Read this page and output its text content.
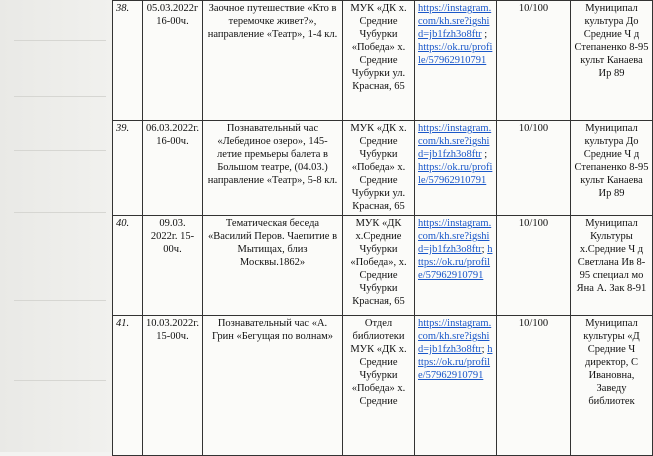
38.	05.03.2022г 16-00ч.	Заочное путешествие «Кто в теремочке живет?», направление «Театр», 1-4 кл.	МУК «ДК х. Средние Чубурки «Победа» х. Средние Чубурки ул. Красная, 65	https://instagram.com/kh.sre?igshid=jb1fzh3o8ftr ; https://ok.ru/profile/57962910791	10/100	Муниципал культура До Средние Ч д Степаненко 8-95 культ Канаева Ир 89
39.	06.03.2022г. 16-00ч.	Познавательный час «Лебединое озеро», 145-летие премьеры балета в Большом театре, (04.03.) направление «Театр», 5-8 кл.	МУК «ДК х. Средние Чубурки «Победа» х. Средние Чубурки ул. Красная, 65	https://instagram.com/kh.sre?igshid=jb1fzh3o8ftr ; https://ok.ru/profile/57962910791	10/100	Муниципал культура До Средние Ч д Степаненко 8-95 культ Канаева Ир 89
40.	09.03. 2022г. 15-00ч.	Тематическая беседа «Василий Перов. Чаепитие в Мытищах, близ Москвы.1862»	МУК «ДК х.Средние Чубурки «Победа», х. Средние Чубурки Красная, 65	https://instagram.com/kh.sre?igshid=jb1fzh3o8ftr; https://ok.ru/profile/57962910791	10/100	Муниципал Культуры х.Средние Ч д Светлана Ив 8-95 специал мо Яна А. Зак 8-91
41.	10.03.2022г. 15-00ч.	Познавательный час «А. Грин «Бегущая по волнам»	Отдел библиотеки МУК «ДК х. Средние Чубурки «Победа» х. Средние	https://instagram.com/kh.sre?igshid=jb1fzh3o8ftr; https://ok.ru/profile/57962910791	10/100	Муниципал культуры «Д Средние Ч директор, С Ивановна, Заведу библиотек
